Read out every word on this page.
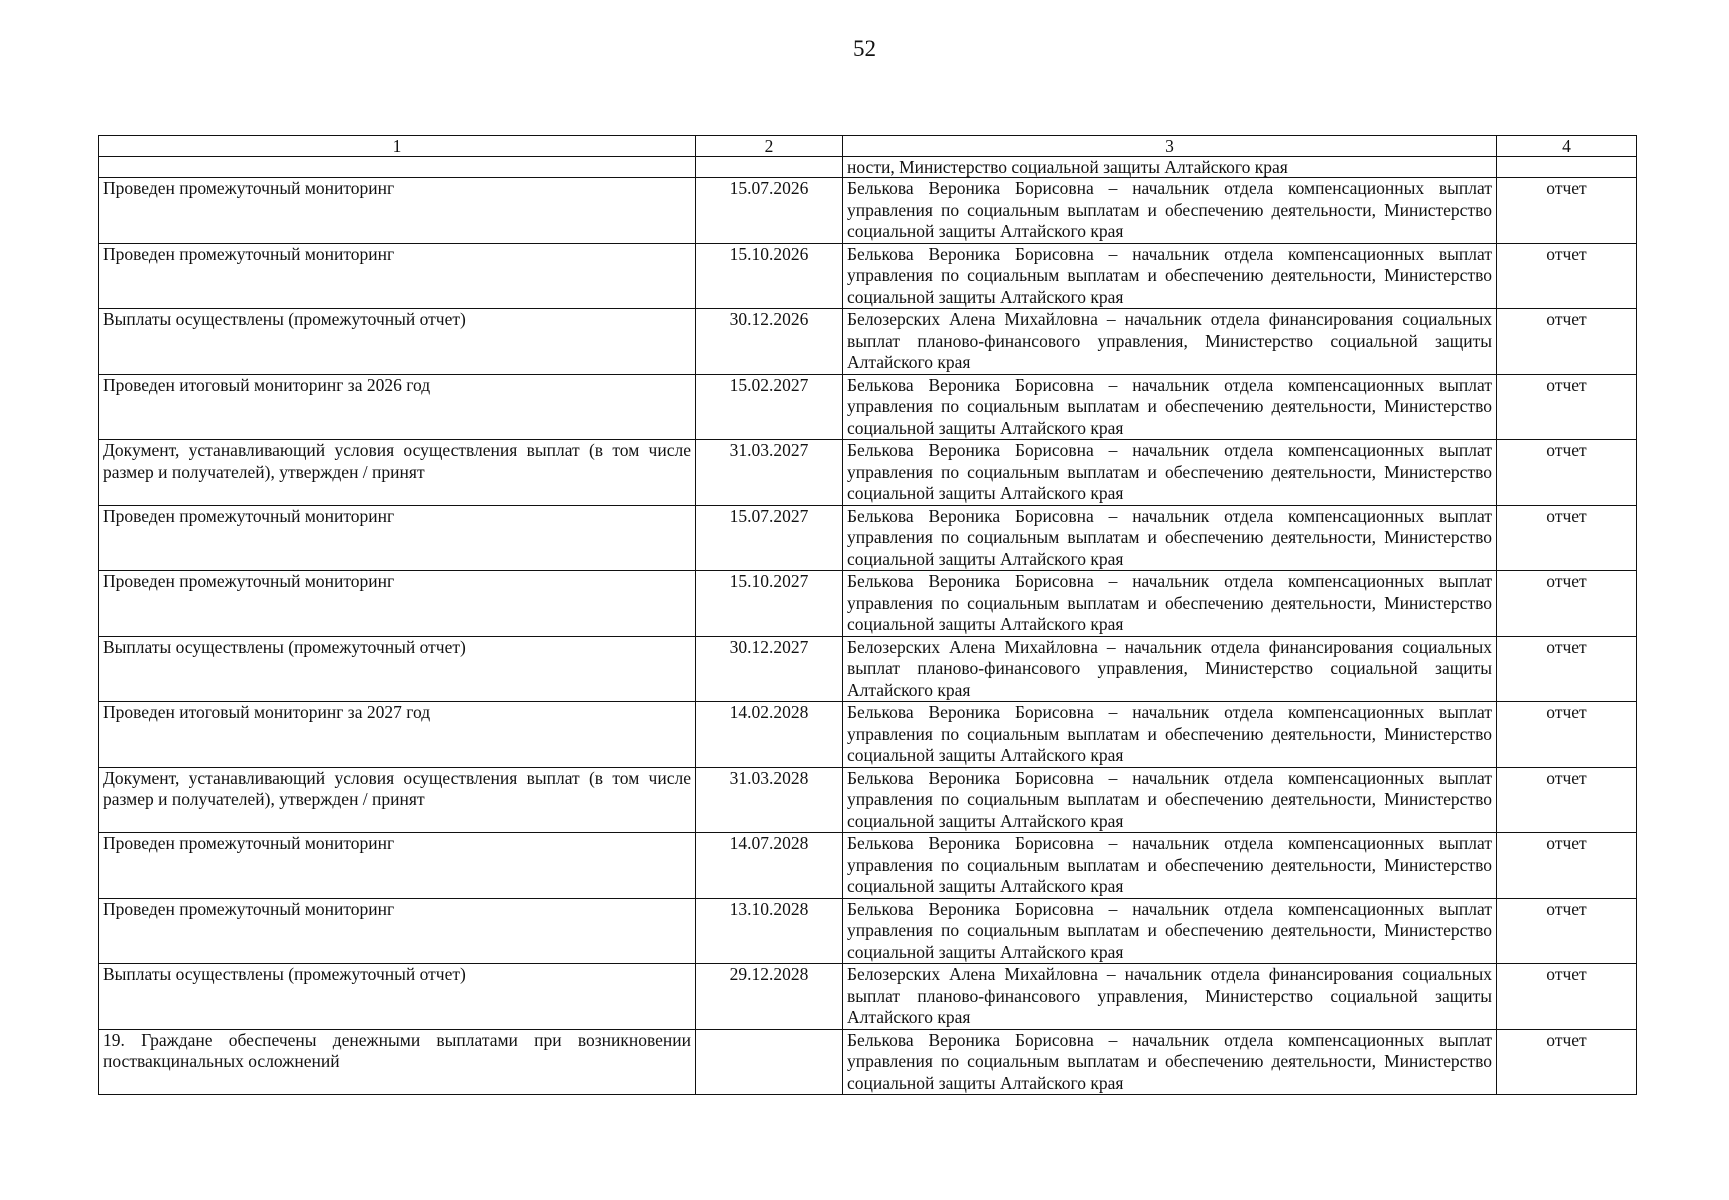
52
1	2	3	4
		ности, Министерство социальной защиты Алтайского края	
Проведен промежуточный мониторинг	15.07.2026	Белькова Вероника Борисовна – начальник отдела компенсационных выплат управления по социальным выплатам и обеспечению деятельности, Министерство социальной защиты Алтайского края	отчет
Проведен промежуточный мониторинг	15.10.2026	Белькова Вероника Борисовна – начальник отдела компенсационных выплат управления по социальным выплатам и обеспечению деятельности, Министерство социальной защиты Алтайского края	отчет
Выплаты осуществлены (промежуточный отчет)	30.12.2026	Белозерских Алена Михайловна – начальник отдела финансирования социальных выплат планово-финансового управления, Министерство социальной защиты Алтайского края	отчет
Проведен итоговый мониторинг за 2026 год	15.02.2027	Белькова Вероника Борисовна – начальник отдела компенсационных выплат управления по социальным выплатам и обеспечению деятельности, Министерство социальной защиты Алтайского края	отчет
Документ, устанавливающий условия осуществления выплат (в том числе размер и получателей), утвержден / принят	31.03.2027	Белькова Вероника Борисовна – начальник отдела компенсационных выплат управления по социальным выплатам и обеспечению деятельности, Министерство социальной защиты Алтайского края	отчет
Проведен промежуточный мониторинг	15.07.2027	Белькова Вероника Борисовна – начальник отдела компенсационных выплат управления по социальным выплатам и обеспечению деятельности, Министерство социальной защиты Алтайского края	отчет
Проведен промежуточный мониторинг	15.10.2027	Белькова Вероника Борисовна – начальник отдела компенсационных выплат управления по социальным выплатам и обеспечению деятельности, Министерство социальной защиты Алтайского края	отчет
Выплаты осуществлены (промежуточный отчет)	30.12.2027	Белозерских Алена Михайловна – начальник отдела финансирования социальных выплат планово-финансового управления, Министерство социальной защиты Алтайского края	отчет
Проведен итоговый мониторинг за 2027 год	14.02.2028	Белькова Вероника Борисовна – начальник отдела компенсационных выплат управления по социальным выплатам и обеспечению деятельности, Министерство социальной защиты Алтайского края	отчет
Документ, устанавливающий условия осуществления выплат (в том числе размер и получателей), утвержден / принят	31.03.2028	Белькова Вероника Борисовна – начальник отдела компенсационных выплат управления по социальным выплатам и обеспечению деятельности, Министерство социальной защиты Алтайского края	отчет
Проведен промежуточный мониторинг	14.07.2028	Белькова Вероника Борисовна – начальник отдела компенсационных выплат управления по социальным выплатам и обеспечению деятельности, Министерство социальной защиты Алтайского края	отчет
Проведен промежуточный мониторинг	13.10.2028	Белькова Вероника Борисовна – начальник отдела компенсационных выплат управления по социальным выплатам и обеспечению деятельности, Министерство социальной защиты Алтайского края	отчет
Выплаты осуществлены (промежуточный отчет)	29.12.2028	Белозерских Алена Михайловна – начальник отдела финансирования социальных выплат планово-финансового управления, Министерство социальной защиты Алтайского края	отчет
19. Граждане обеспечены денежными выплатами при возникновении поствакцинальных осложнений		Белькова Вероника Борисовна – начальник отдела компенсационных выплат управления по социальным выплатам и обеспечению деятельности, Министерство социальной защиты Алтайского края	отчет
